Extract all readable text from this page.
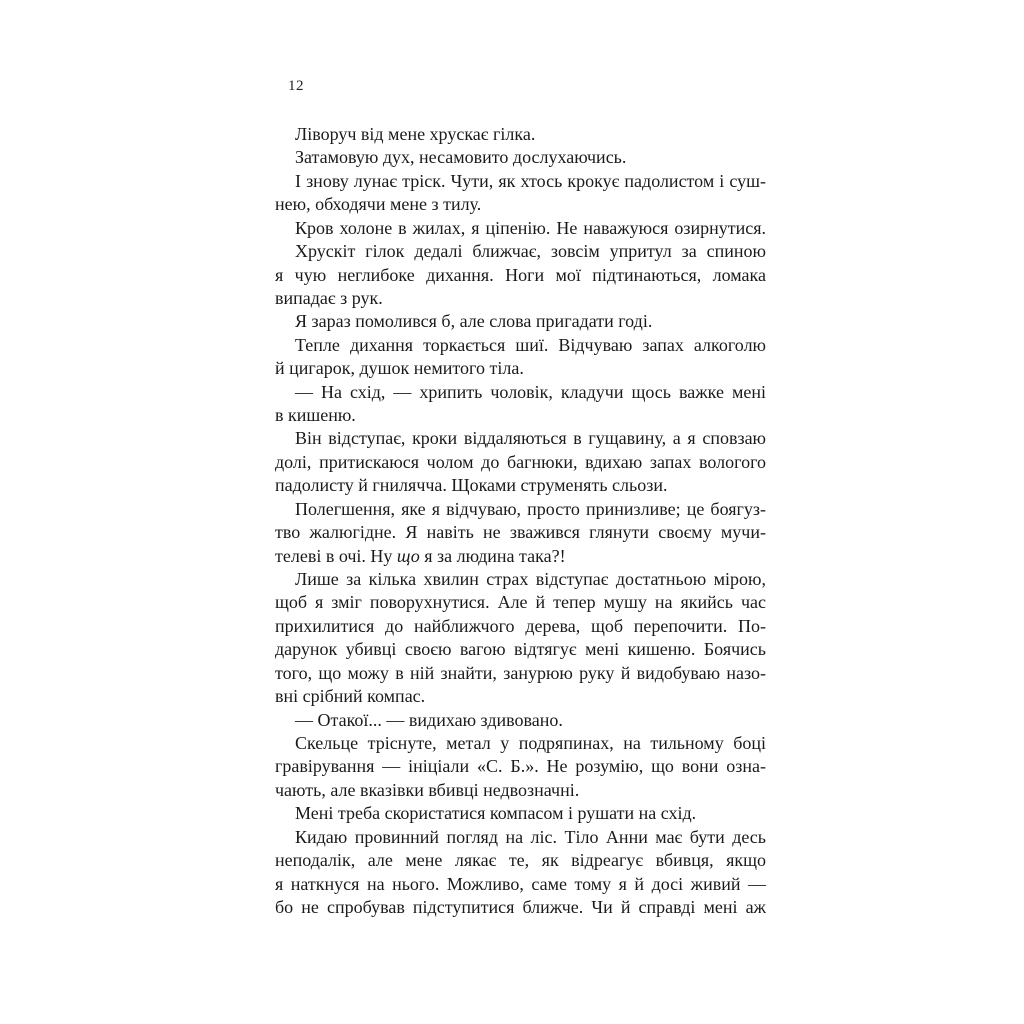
12
Ліворуч від мене хрускає гілка.
Затамовую дух, несамовито дослухаючись.
І знову лунає тріск. Чути, як хтось крокує падолистом і суш-
нею, обходячи мене з тилу.
Кров холоне в жилах, я ціпенію. Не наважуюся озирнутися.
Хрускіт гілок дедалі ближчає, зовсім упритул за спиною
я чую неглибоке дихання. Ноги мої підтинаються, ломака
випадає з рук.
Я зараз помолився б, але слова пригадати годі.
Тепле дихання торкається шиї. Відчуваю запах алкоголю
й цигарок, душок немитого тіла.
— На схід, — хрипить чоловік, кладучи щось важке мені
в кишеню.
Він відступає, кроки віддаляються в гущавину, а я сповзаю
долі, притискаюся чолом до багнюки, вдихаю запах вологого
падолисту й гнилячча. Щоками струменять сльози.
Полегшення, яке я відчуваю, просто принизливе; це боягуз-
тво жалюгідне. Я навіть не зважився глянути своєму мучи-
телеві в очі. Ну що я за людина така?!
Лише за кілька хвилин страх відступає достатньою мірою,
щоб я зміг поворухнутися. Але й тепер мушу на якийсь час
прихилитися до найближчого дерева, щоб перепочити. По-
дарунок убивці своєю вагою відтягує мені кишеню. Боячись
того, що можу в ній знайти, занурюю руку й видобуваю назо-
вні срібний компас.
— Отакої... — видихаю здивовано.
Скельце тріснуте, метал у подряпинах, на тильному боці
гравірування — ініціали «С. Б.». Не розумію, що вони озна-
чають, але вказівки вбивці недвозначні.
Мені треба скористатися компасом і рушати на схід.
Кидаю провинний погляд на ліс. Тіло Анни має бути десь
неподалік, але мене лякає те, як відреагує вбивця, якщо
я наткнуся на нього. Можливо, саме тому я й досі живий —
бо не спробував підступитися ближче. Чи й справді мені аж
